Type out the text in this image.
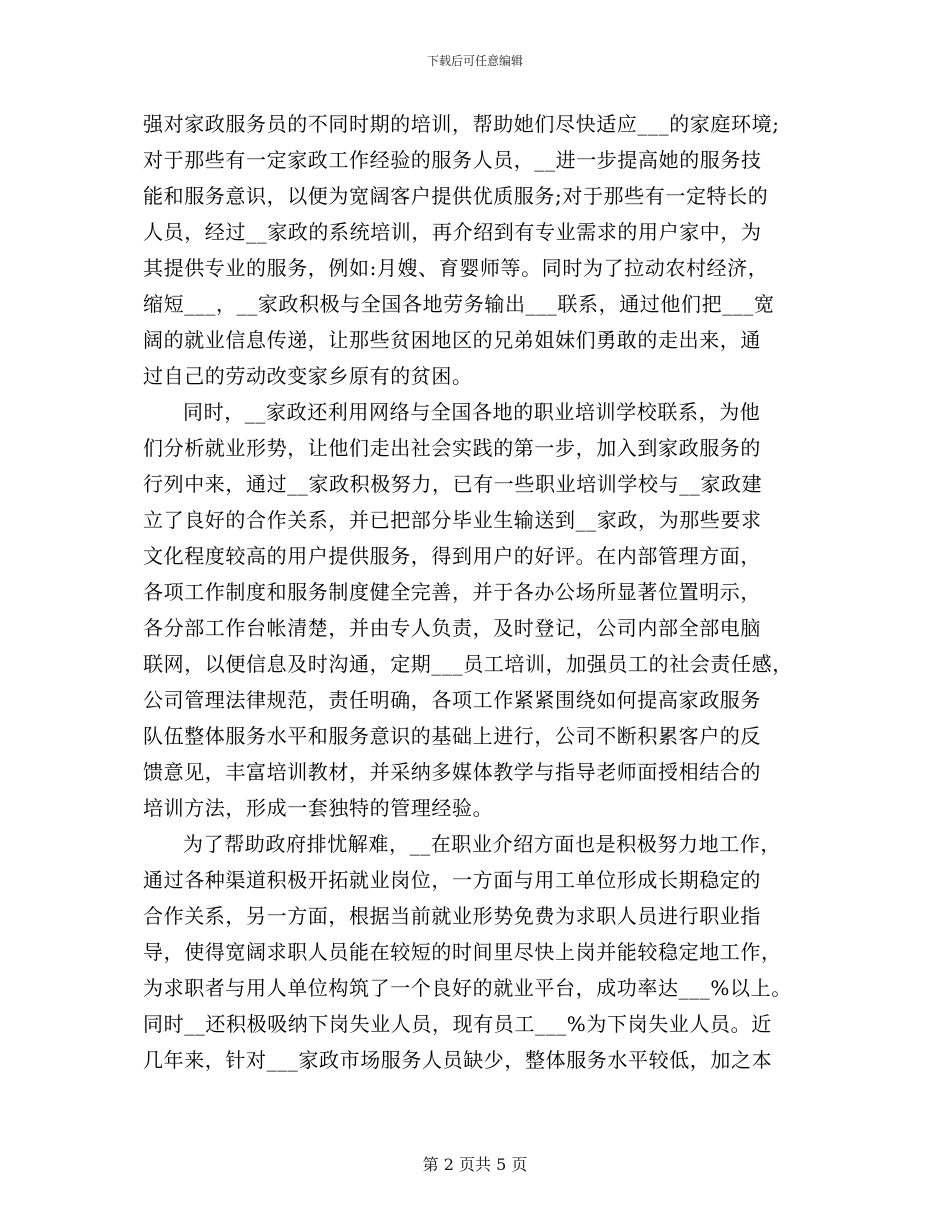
下载后可任意编辑
强对家政服务员的不同时期的培训，帮助她们尽快适应___的家庭环境;
对于那些有一定家政工作经验的服务人员，__进一步提高她的服务技
能和服务意识，以便为宽阔客户提供优质服务;对于那些有一定特长的
人员，经过__家政的系统培训，再介绍到有专业需求的用户家中，为
其提供专业的服务，例如:月嫂、育婴师等。同时为了拉动农村经济，
缩短___，__家政积极与全国各地劳务输出___联系，通过他们把___宽
阔的就业信息传递，让那些贫困地区的兄弟姐妹们勇敢的走出来，通
过自己的劳动改变家乡原有的贫困。
同时，__家政还利用网络与全国各地的职业培训学校联系，为他
们分析就业形势，让他们走出社会实践的第一步，加入到家政服务的
行列中来，通过__家政积极努力，已有一些职业培训学校与__家政建
立了良好的合作关系，并已把部分毕业生输送到__家政，为那些要求
文化程度较高的用户提供服务，得到用户的好评。在内部管理方面，
各项工作制度和服务制度健全完善，并于各办公场所显著位置明示，
各分部工作台帐清楚，并由专人负责，及时登记，公司内部全部电脑
联网，以便信息及时沟通，定期___员工培训，加强员工的社会责任感，
公司管理法律规范，责任明确，各项工作紧紧围绕如何提高家政服务
队伍整体服务水平和服务意识的基础上进行，公司不断积累客户的反
馈意见，丰富培训教材，并采纳多媒体教学与指导老师面授相结合的
培训方法，形成一套独特的管理经验。
为了帮助政府排忧解难，__在职业介绍方面也是积极努力地工作，
通过各种渠道积极开拓就业岗位，一方面与用工单位形成长期稳定的
合作关系，另一方面，根据当前就业形势免费为求职人员进行职业指
导，使得宽阔求职人员能在较短的时间里尽快上岗并能较稳定地工作，
为求职者与用人单位构筑了一个良好的就业平台，成功率达___%以上。
同时__还积极吸纳下岗失业人员，现有员工___%为下岗失业人员。近
几年来，针对___家政市场服务人员缺少，整体服务水平较低，加之本
第 2 页共 5 页
